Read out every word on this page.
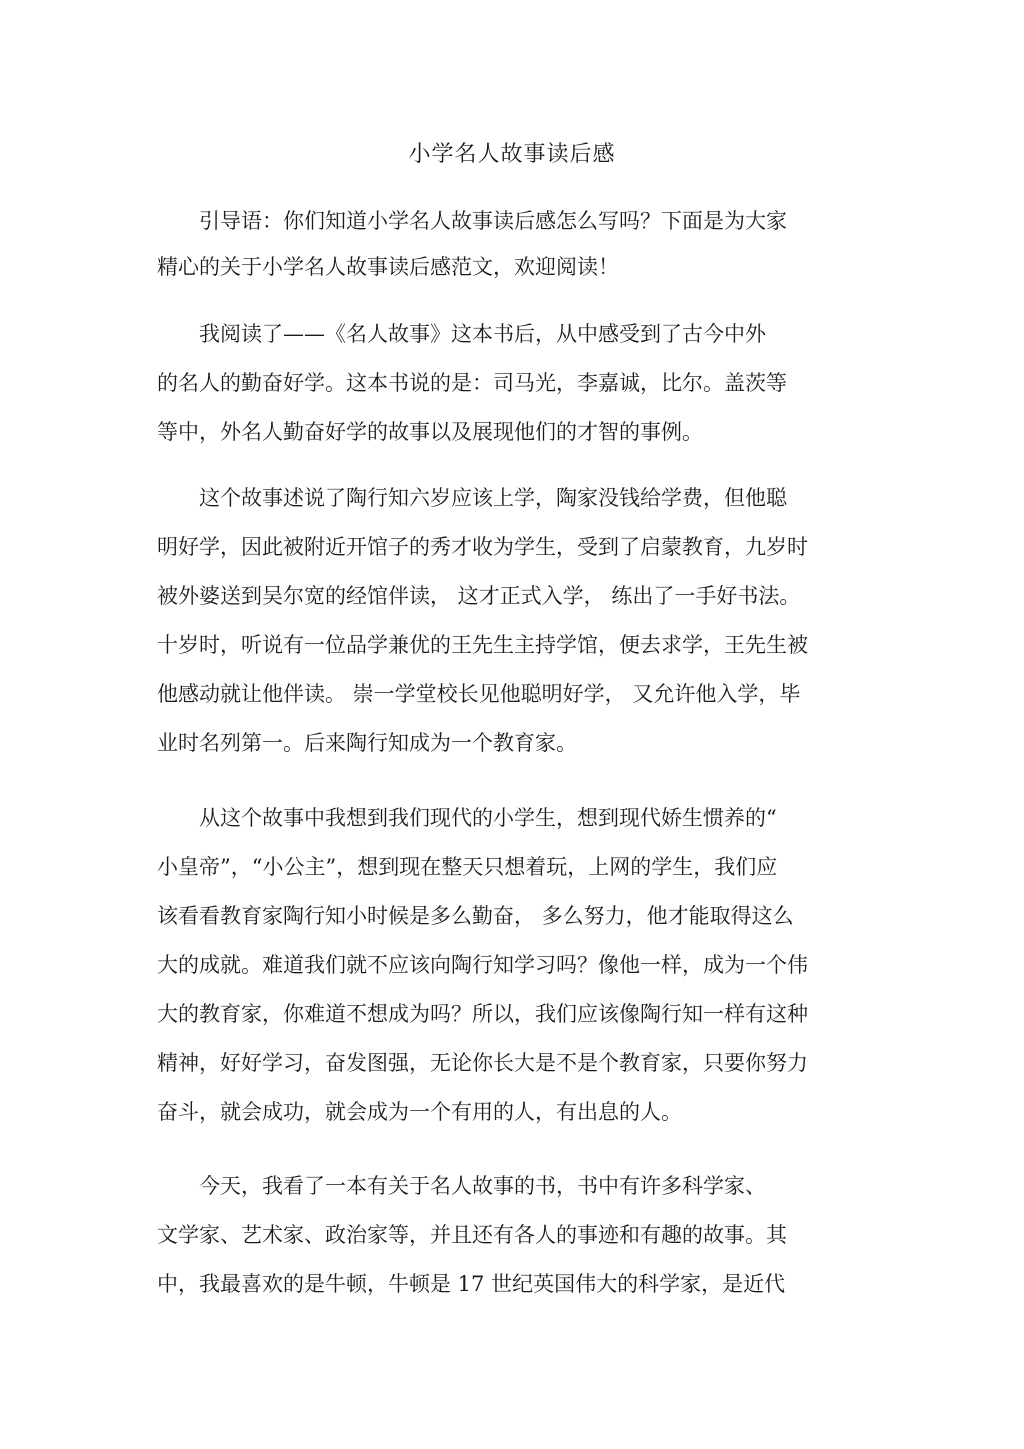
小学名人故事读后感

　　引导语：你们知道小学名人故事读后感怎么写吗？下面是为大家
精心的关于小学名人故事读后感范文，欢迎阅读！

　　我阅读了——《名人故事》这本书后，从中感受到了古今中外
的名人的勤奋好学。这本书说的是：司马光，李嘉诚，比尔。盖茨等
等中，外名人勤奋好学的故事以及展现他们的才智的事例。

　　这个故事述说了陶行知六岁应该上学，陶家没钱给学费，但他聪
明好学，因此被附近开馆子的秀才收为学生，受到了启蒙教育，九岁时
被外婆送到吴尔宽的经馆伴读， 这才正式入学， 练出了一手好书法。
十岁时，听说有一位品学兼优的王先生主持学馆，便去求学，王先生被
他感动就让他伴读。 崇一学堂校长见他聪明好学， 又允许他入学，毕
业时名列第一。后来陶行知成为一个教育家。

　　从这个故事中我想到我们现代的小学生，想到现代娇生惯养的“
小皇帝”，“小公主”，想到现在整天只想着玩，上网的学生，我们应
该看看教育家陶行知小时候是多么勤奋， 多么努力，他才能取得这么
大的成就。难道我们就不应该向陶行知学习吗？像他一样，成为一个伟
大的教育家，你难道不想成为吗？所以，我们应该像陶行知一样有这种
精神，好好学习，奋发图强，无论你长大是不是个教育家，只要你努力
奋斗，就会成功，就会成为一个有用的人，有出息的人。

　　今天，我看了一本有关于名人故事的书，书中有许多科学家、
文学家、艺术家、政治家等，并且还有各人的事迹和有趣的故事。其
中，我最喜欢的是牛顿，牛顿是 17 世纪英国伟大的科学家，是近代
